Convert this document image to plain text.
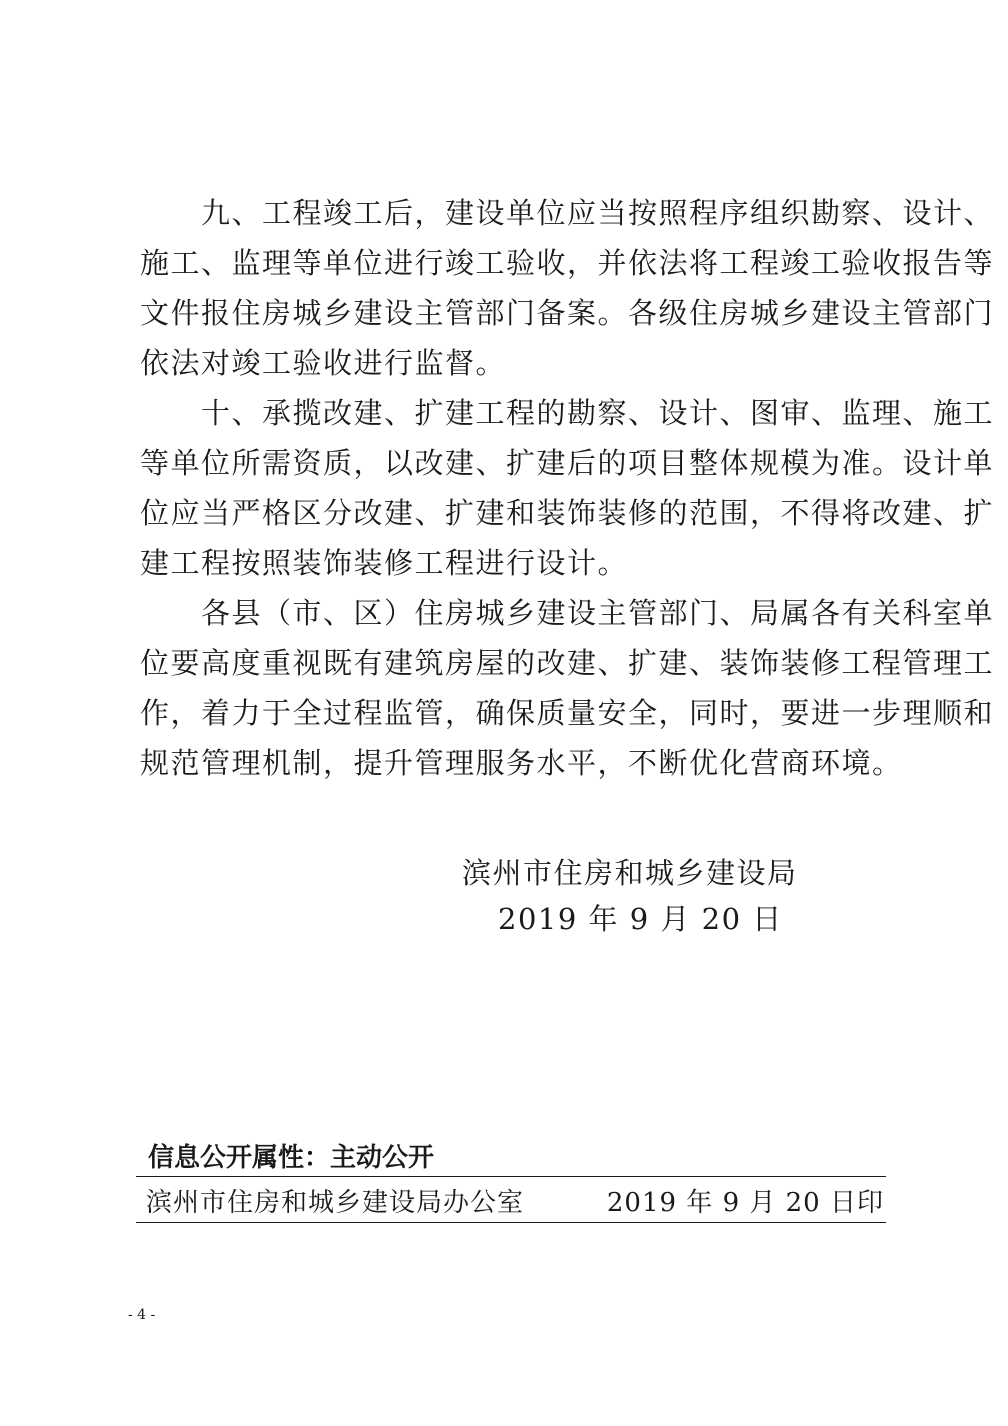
　　九、工程竣工后，建设单位应当按照程序组织勘察、设计、
施工、监理等单位进行竣工验收，并依法将工程竣工验收报告等
文件报住房城乡建设主管部门备案。各级住房城乡建设主管部门
依法对竣工验收进行监督。
　　十、承揽改建、扩建工程的勘察、设计、图审、监理、施工
等单位所需资质，以改建、扩建后的项目整体规模为准。设计单
位应当严格区分改建、扩建和装饰装修的范围，不得将改建、扩
建工程按照装饰装修工程进行设计。
　　各县（市、区）住房城乡建设主管部门、局属各有关科室单
位要高度重视既有建筑房屋的改建、扩建、装饰装修工程管理工
作，着力于全过程监管，确保质量安全，同时，要进一步理顺和
规范管理机制，提升管理服务水平，不断优化营商环境。
滨州市住房和城乡建设局
2019 年 9 月 20 日
信息公开属性：主动公开
滨州市住房和城乡建设局办公室	2019 年 9 月 20 日印
- 4 -
